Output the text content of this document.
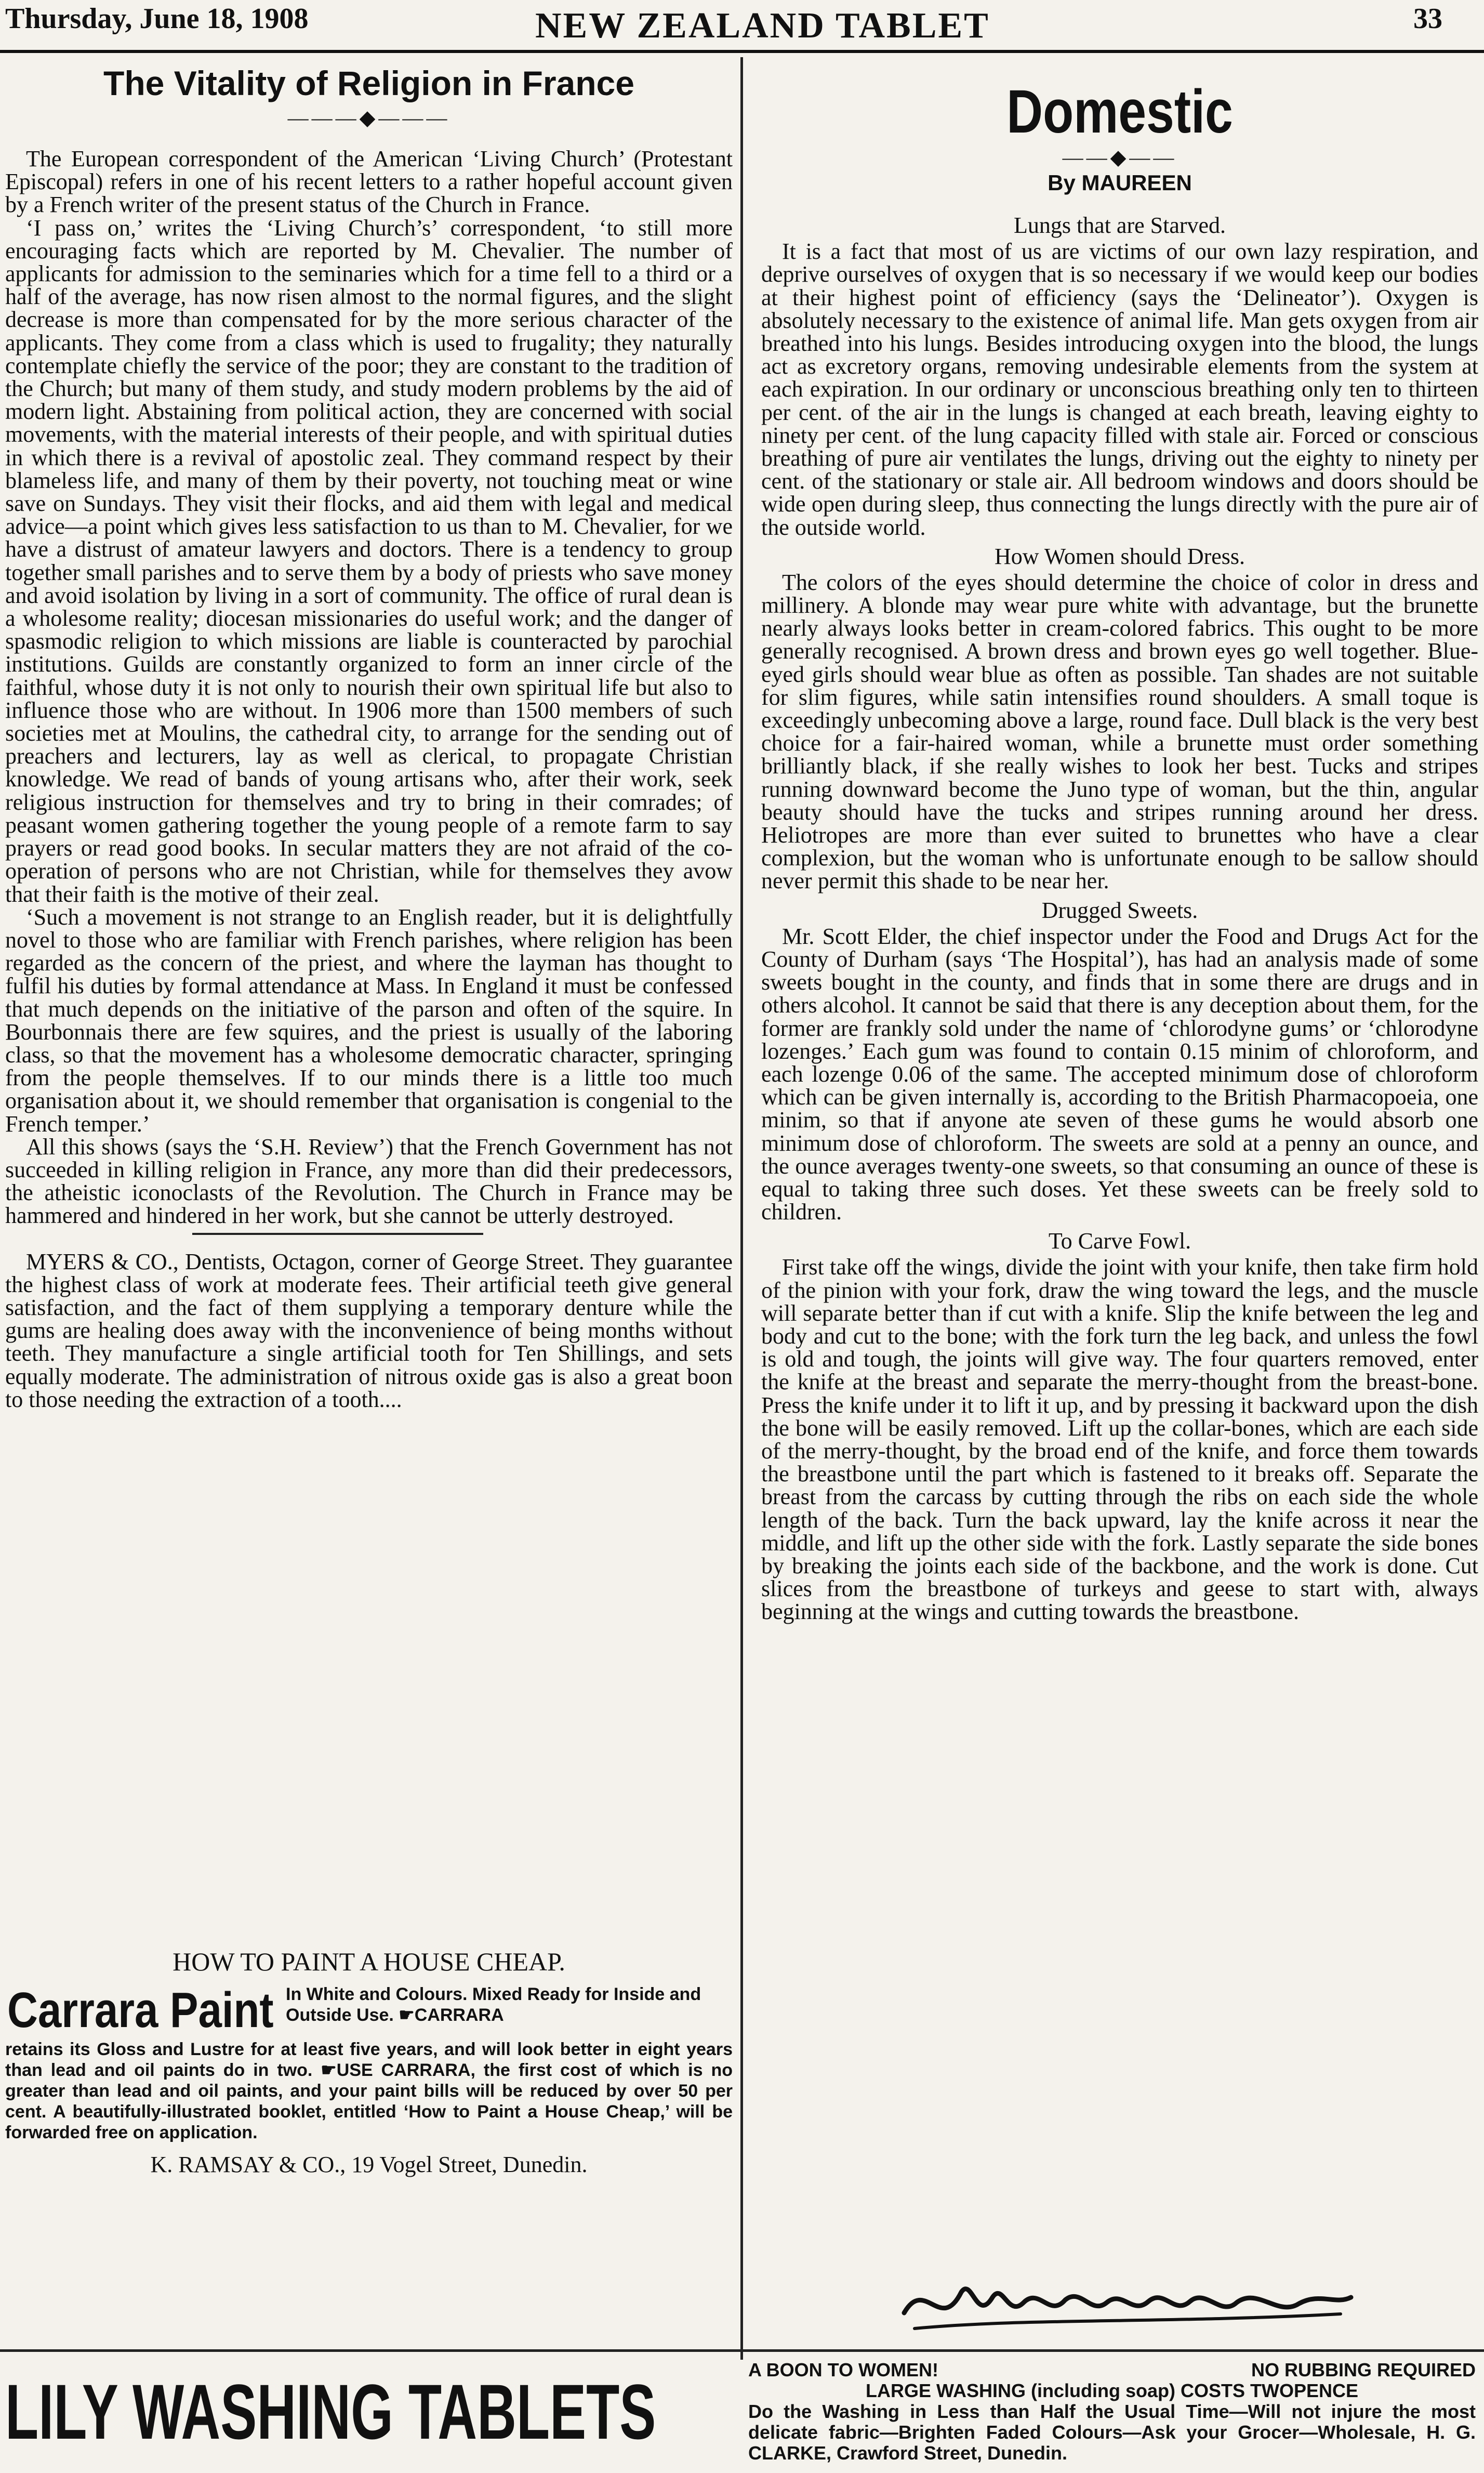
Thursday, June 18, 1908	NEW ZEALAND TABLET	33
The Vitality of Religion in France
———◆———

The European correspondent of the American ‘Living Church’ (Protestant Episcopal) refers in one of his recent letters to a rather hopeful account given by a French writer of the present status of the Church in France.

‘I pass on,’ writes the ‘Living Church’s’ correspondent, ‘to still more encouraging facts which are reported by M. Chevalier. The number of applicants for admission to the seminaries which for a time fell to a third or a half of the average, has now risen almost to the normal figures, and the slight decrease is more than compensated for by the more serious character of the applicants. They come from a class which is used to frugality; they naturally contemplate chiefly the service of the poor; they are constant to the tradition of the Church; but many of them study, and study modern problems by the aid of modern light. Abstaining from political action, they are concerned with social movements, with the material interests of their people, and with spiritual duties in which there is a revival of apostolic zeal. They command respect by their blameless life, and many of them by their poverty, not touching meat or wine save on Sundays. They visit their flocks, and aid them with legal and medical advice—a point which gives less satisfaction to us than to M. Chevalier, for we have a distrust of amateur lawyers and doctors. There is a tendency to group together small parishes and to serve them by a body of priests who save money and avoid isolation by living in a sort of community. The office of rural dean is a wholesome reality; diocesan missionaries do useful work; and the danger of spasmodic religion to which missions are liable is counteracted by parochial institutions. Guilds are constantly organized to form an inner circle of the faithful, whose duty it is not only to nourish their own spiritual life but also to influence those who are without. In 1906 more than 1500 members of such societies met at Moulins, the cathedral city, to arrange for the sending out of preachers and lecturers, lay as well as clerical, to propagate Christian knowledge. We read of bands of young artisans who, after their work, seek religious instruction for themselves and try to bring in their comrades; of peasant women gathering together the young people of a remote farm to say prayers or read good books. In secular matters they are not afraid of the co-operation of persons who are not Christian, while for themselves they avow that their faith is the motive of their zeal.

‘Such a movement is not strange to an English reader, but it is delightfully novel to those who are familiar with French parishes, where religion has been regarded as the concern of the priest, and where the layman has thought to fulfil his duties by formal attendance at Mass. In England it must be confessed that much depends on the initiative of the parson and often of the squire. In Bourbonnais there are few squires, and the priest is usually of the laboring class, so that the movement has a wholesome democratic character, springing from the people themselves. If to our minds there is a little too much organisation about it, we should remember that organisation is congenial to the French temper.’

All this shows (says the ‘S.H. Review’) that the French Government has not succeeded in killing religion in France, any more than did their predecessors, the atheistic iconoclasts of the Revolution. The Church in France may be hammered and hindered in her work, but she cannot be utterly destroyed.

MYERS & CO., Dentists, Octagon, corner of George Street. They guarantee the highest class of work at moderate fees. Their artificial teeth give general satisfaction, and the fact of them supplying a temporary denture while the gums are healing does away with the inconvenience of being months without teeth. They manufacture a single artificial tooth for Ten Shillings, and sets equally moderate. The administration of nitrous oxide gas is also a great boon to those needing the extraction of a tooth....

HOW TO PAINT A HOUSE CHEAP.
Carrara Paint In White and Colours. Mixed Ready for Inside and Outside Use. ☛CARRARA
retains its Gloss and Lustre for at least five years, and will look better in eight years than lead and oil paints do in two. ☛USE CARRARA, the first cost of which is no greater than lead and oil paints, and your paint bills will be reduced by over 50 per cent. A beautifully-illustrated booklet, entitled ‘How to Paint a House Cheap,’ will be forwarded free on application.
K. RAMSAY & CO., 19 Vogel Street, Dunedin.
Domestic
——◆——
By MAUREEN
Lungs that are Starved.

It is a fact that most of us are victims of our own lazy respiration, and deprive ourselves of oxygen that is so necessary if we would keep our bodies at their highest point of efficiency (says the ‘Delineator’). Oxygen is absolutely necessary to the existence of animal life. Man gets oxygen from air breathed into his lungs. Besides introducing oxygen into the blood, the lungs act as excretory organs, removing undesirable elements from the system at each expiration. In our ordinary or unconscious breathing only ten to thirteen per cent. of the air in the lungs is changed at each breath, leaving eighty to ninety per cent. of the lung capacity filled with stale air. Forced or conscious breathing of pure air ventilates the lungs, driving out the eighty to ninety per cent. of the stationary or stale air. All bedroom windows and doors should be wide open during sleep, thus connecting the lungs directly with the pure air of the outside world.

How Women should Dress.

The colors of the eyes should determine the choice of color in dress and millinery. A blonde may wear pure white with advantage, but the brunette nearly always looks better in cream-colored fabrics. This ought to be more generally recognised. A brown dress and brown eyes go well together. Blue-eyed girls should wear blue as often as possible. Tan shades are not suitable for slim figures, while satin intensifies round shoulders. A small toque is exceedingly unbecoming above a large, round face. Dull black is the very best choice for a fair-haired woman, while a brunette must order something brilliantly black, if she really wishes to look her best. Tucks and stripes running downward become the Juno type of woman, but the thin, angular beauty should have the tucks and stripes running around her dress. Heliotropes are more than ever suited to brunettes who have a clear complexion, but the woman who is unfortunate enough to be sallow should never permit this shade to be near her.

Drugged Sweets.

Mr. Scott Elder, the chief inspector under the Food and Drugs Act for the County of Durham (says ‘The Hospital’), has had an analysis made of some sweets bought in the county, and finds that in some there are drugs and in others alcohol. It cannot be said that there is any deception about them, for the former are frankly sold under the name of ‘chlorodyne gums’ or ‘chlorodyne lozenges.’ Each gum was found to contain 0.15 minim of chloroform, and each lozenge 0.06 of the same. The accepted minimum dose of chloroform which can be given internally is, according to the British Pharmacopoeia, one minim, so that if anyone ate seven of these gums he would absorb one minimum dose of chloroform. The sweets are sold at a penny an ounce, and the ounce averages twenty-one sweets, so that consuming an ounce of these is equal to taking three such doses. Yet these sweets can be freely sold to children.

To Carve Fowl.

First take off the wings, divide the joint with your knife, then take firm hold of the pinion with your fork, draw the wing toward the legs, and the muscle will separate better than if cut with a knife. Slip the knife between the leg and body and cut to the bone; with the fork turn the leg back, and unless the fowl is old and tough, the joints will give way. The four quarters removed, enter the knife at the breast and separate the merry-thought from the breast-bone. Press the knife under it to lift it up, and by pressing it backward upon the dish the bone will be easily removed. Lift up the collar-bones, which are each side of the merry-thought, by the broad end of the knife, and force them towards the breastbone until the part which is fastened to it breaks off. Separate the breast from the carcass by cutting through the ribs on each side the whole length of the back. Turn the back upward, lay the knife across it near the middle, and lift up the other side with the fork. Lastly separate the side bones by breaking the joints each side of the backbone, and the work is done. Cut slices from the breastbone of turkeys and geese to start with, always beginning at the wings and cutting towards the breastbone.

LILY WASHING TABLETS	A BOON TO WOMEN!	NO RUBBING REQUIRED
LARGE WASHING (including soap) COSTS TWOPENCE
Do the Washing in Less than Half the Usual Time—Will not injure the most delicate fabric—Brighten Faded Colours—Ask your Grocer—Wholesale, H. G. CLARKE, Crawford Street, Dunedin.
